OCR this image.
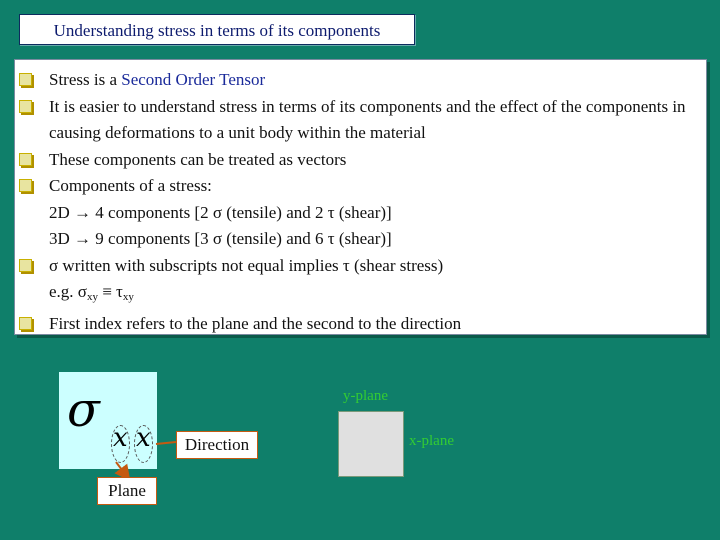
Understanding stress in terms of its components
Stress is a Second Order Tensor
It is easier to understand stress in terms of its components and the effect of the components in causing deformations to a unit body within the material
These components can be treated as vectors
Components of a stress:
2D → 4 components [2 σ (tensile) and 2 τ (shear)]
3D → 9 components [3 σ (tensile) and 6 τ (shear)]
σ written with subscripts not equal implies τ (shear stress)
e.g. $\sigma_{xy} \equiv \tau_{xy}$
First index refers to the plane and the second to the direction
σ x x	Direction
Plane
y-plane
x-plane
